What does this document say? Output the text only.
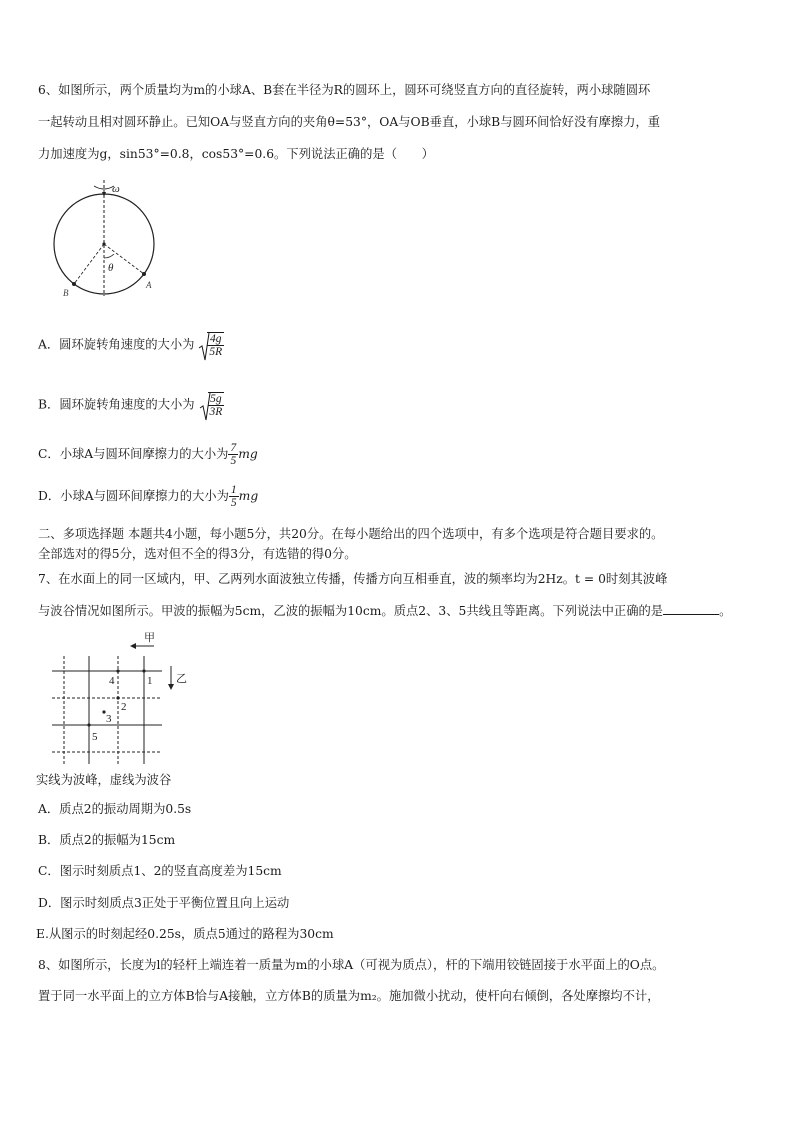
6、如图所示，两个质量均为m的小球A、B套在半径为R的圆环上，圆环可绕竖直方向的直径旋转，两小球随圆环
一起转动且相对圆环静止。已知OA与竖直方向的夹角θ=53°，OA与OB垂直，小球B与圆环间恰好没有摩擦力，重
力加速度为g，sin53°=0.8，cos53°=0.6。下列说法正确的是（　　）
ω
θ
B
A
A．圆环旋转角速度的大小为 $\frac{4g}{5R}$
B．圆环旋转角速度的大小为 $\frac{5g}{3R}$
C．小球A与圆环间摩擦力的大小为 $\frac{7}{5}$ mg
D．小球A与圆环间摩擦力的大小为 $\frac{1}{5}$ mg
二、多项选择题 本题共4小题，每小题5分，共20分。在每小题给出的四个选项中，有多个选项是符合题目要求的。
全部选对的得5分，选对但不全的得3分，有选错的得0分。
7、在水面上的同一区域内，甲、乙两列水面波独立传播，传播方向互相垂直，波的频率均为2Hz。t = 0时刻其波峰
与波谷情况如图所示。甲波的振幅为5cm，乙波的振幅为10cm。质点2、3、5共线且等距离。下列说法中正确的是	。
甲
乙
1
4
2
3
5
实线为波峰，虚线为波谷
A．质点2的振动周期为0.5s
B．质点2的振幅为15cm
C．图示时刻质点1、2的竖直高度差为15cm
D．图示时刻质点3正处于平衡位置且向上运动
E.从图示的时刻起经0.25s，质点5通过的路程为30cm
8、如图所示，长度为l的轻杆上端连着一质量为m的小球A（可视为质点），杆的下端用铰链固接于水平面上的O点。
置于同一水平面上的立方体B恰与A接触，立方体B的质量为m₂。施加微小扰动，使杆向右倾倒，各处摩擦均不计，
